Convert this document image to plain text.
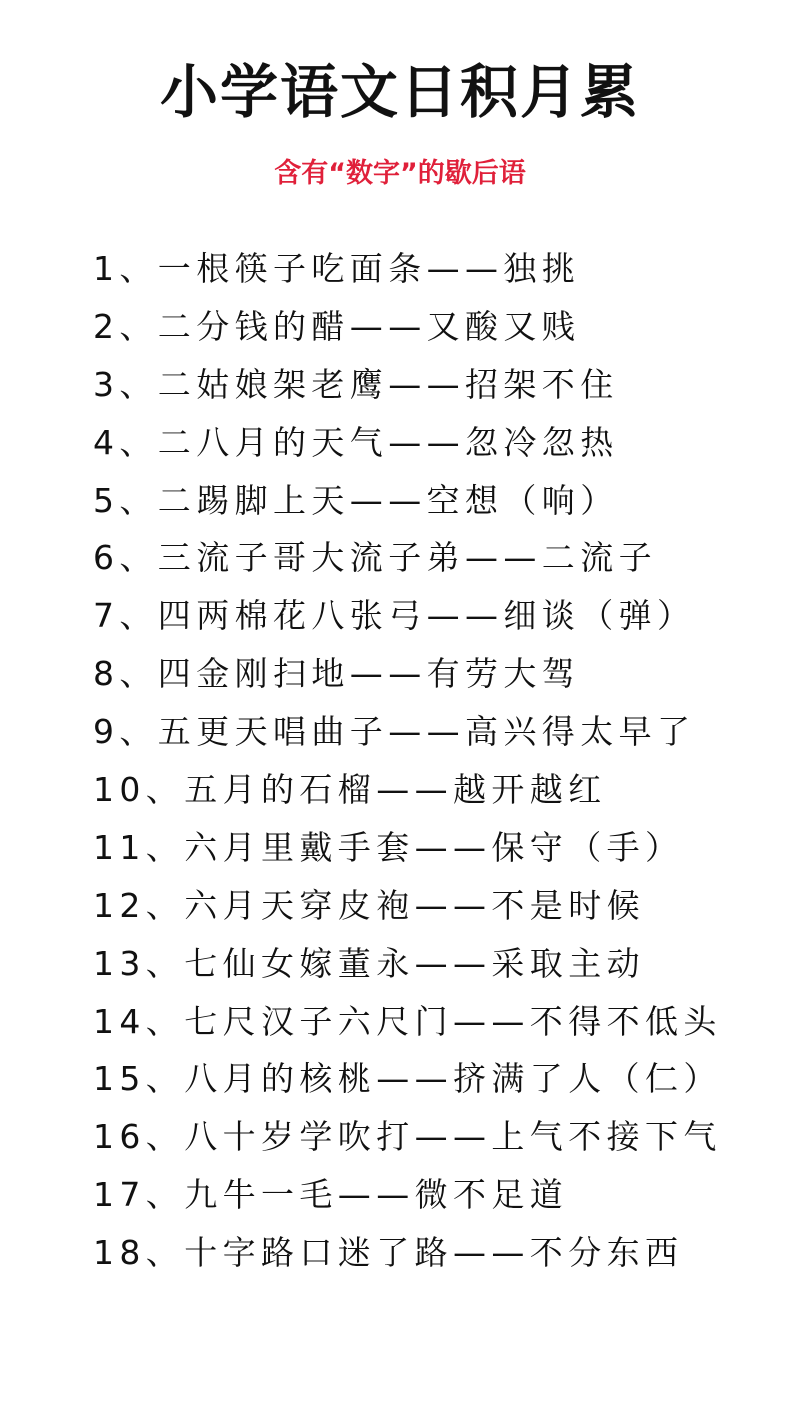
小学语文日积月累
含有“数字”的歇后语
1、一根筷子吃面条——独挑
2、二分钱的醋——又酸又贱
3、二姑娘架老鹰——招架不住
4、二八月的天气——忽冷忽热
5、二踢脚上天——空想（响）
6、三流子哥大流子弟——二流子
7、四两棉花八张弓——细谈（弹）
8、四金刚扫地——有劳大驾
9、五更天唱曲子——高兴得太早了
10、五月的石榴——越开越红
11、六月里戴手套——保守（手）
12、六月天穿皮袍——不是时候
13、七仙女嫁董永——采取主动
14、七尺汉子六尺门——不得不低头
15、八月的核桃——挤满了人（仁）
16、八十岁学吹打——上气不接下气
17、九牛一毛——微不足道
18、十字路口迷了路——不分东西
